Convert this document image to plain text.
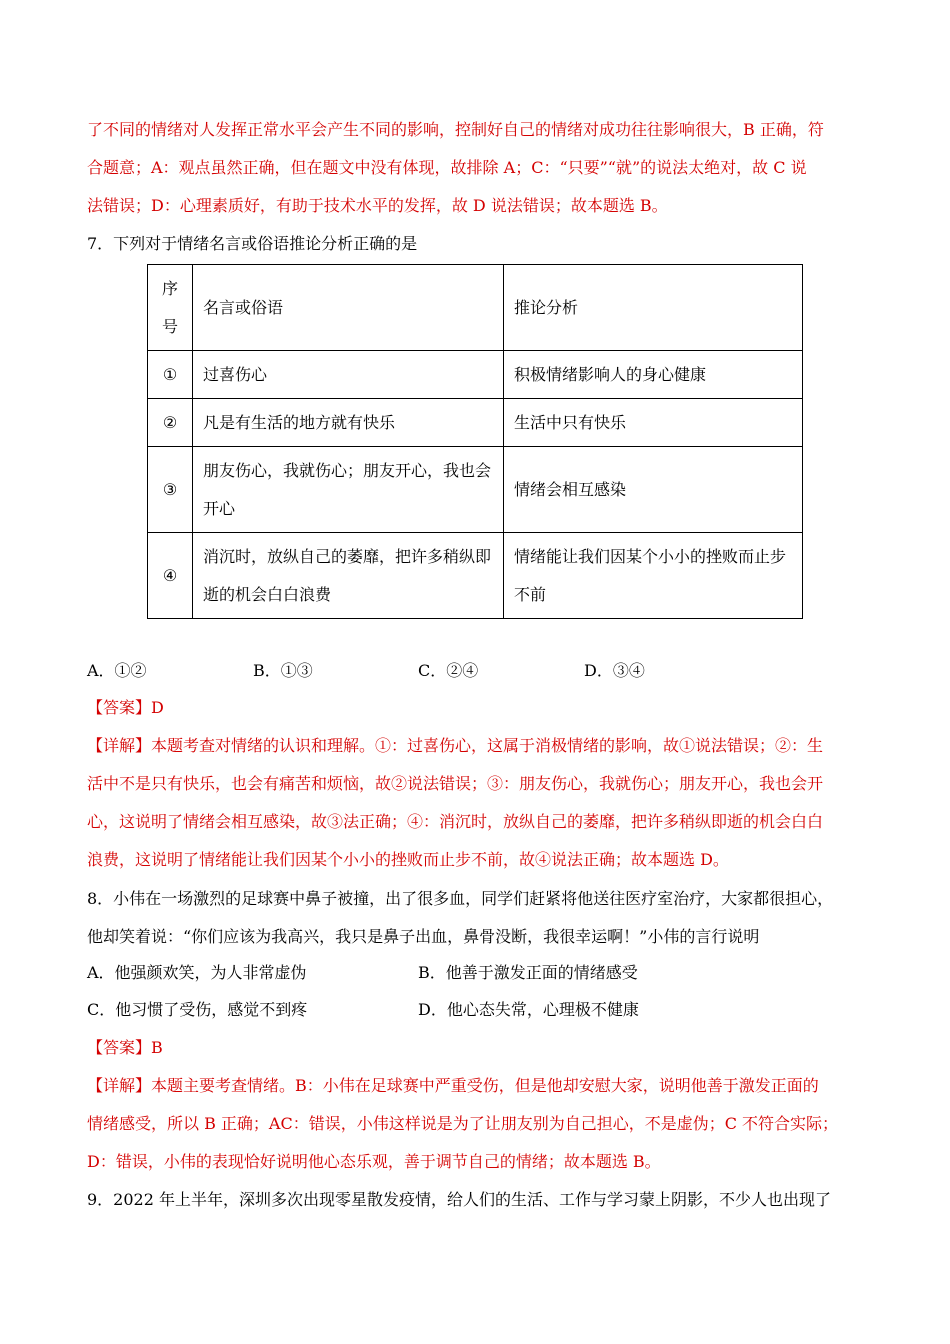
了不同的情绪对人发挥正常水平会产生不同的影响，控制好自己的情绪对成功往往影响很大，B 正确，符
合题意；A：观点虽然正确，但在题文中没有体现，故排除 A；C：“只要”“就”的说法太绝对，故 C 说
法错误；D：心理素质好，有助于技术水平的发挥，故 D 说法错误；故本题选 B。
7．下列对于情绪名言或俗语推论分析正确的是
序号	名言或俗语	推论分析
①	过喜伤心	积极情绪影响人的身心健康
②	凡是有生活的地方就有快乐	生活中只有快乐
③	朋友伤心，我就伤心；朋友开心，我也会开心	情绪会相互感染
④	消沉时，放纵自己的萎靡，把许多稍纵即逝的机会白白浪费	情绪能让我们因某个小小的挫败而止步不前
A．①②	B．①③	C．②④	D．③④
【答案】D
【详解】本题考查对情绪的认识和理解。①：过喜伤心，这属于消极情绪的影响，故①说法错误；②：生
活中不是只有快乐，也会有痛苦和烦恼，故②说法错误；③：朋友伤心，我就伤心；朋友开心，我也会开
心，这说明了情绪会相互感染，故③法正确；④：消沉时，放纵自己的萎靡，把许多稍纵即逝的机会白白
浪费，这说明了情绪能让我们因某个小小的挫败而止步不前，故④说法正确；故本题选 D。
8．小伟在一场激烈的足球赛中鼻子被撞，出了很多血，同学们赶紧将他送往医疗室治疗，大家都很担心，
他却笑着说：“你们应该为我高兴，我只是鼻子出血，鼻骨没断，我很幸运啊！”小伟的言行说明
A．他强颜欢笑，为人非常虚伪	B．他善于激发正面的情绪感受
C．他习惯了受伤，感觉不到疼	D．他心态失常，心理极不健康
【答案】B
【详解】本题主要考查情绪。B：小伟在足球赛中严重受伤，但是他却安慰大家，说明他善于激发正面的
情绪感受，所以 B 正确；AC：错误，小伟这样说是为了让朋友别为自己担心，不是虚伪；C 不符合实际；
D：错误，小伟的表现恰好说明他心态乐观，善于调节自己的情绪；故本题选 B。
9．2022 年上半年，深圳多次出现零星散发疫情，给人们的生活、工作与学习蒙上阴影，不少人也出现了
